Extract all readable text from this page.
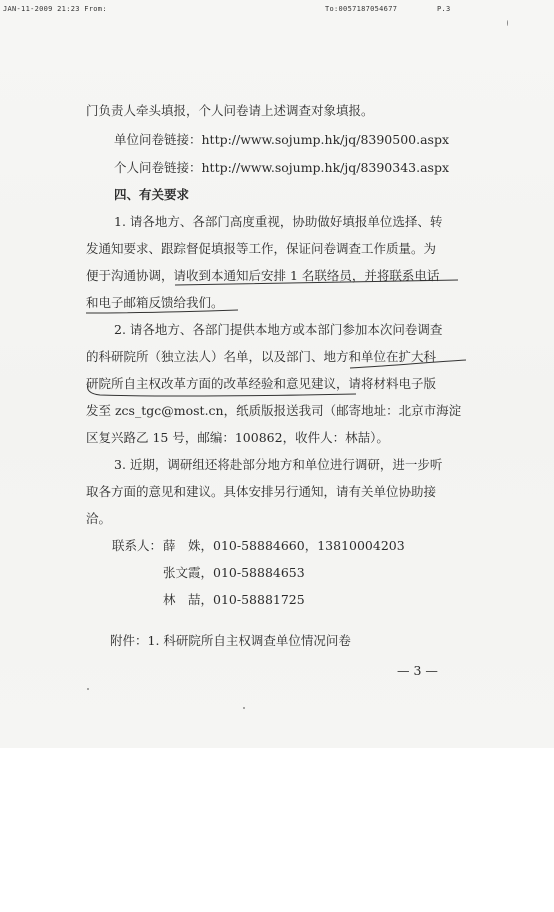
JAN-11-2009 21:23 From:	To:0057187054677	P.3
门负责人牵头填报，个人问卷请上述调查对象填报。
单位问卷链接：http://www.sojump.hk/jq/8390500.aspx
个人问卷链接：http://www.sojump.hk/jq/8390343.aspx
四、有关要求
1. 请各地方、各部门高度重视，协助做好填报单位选择、转
发通知要求、跟踪督促填报等工作，保证问卷调查工作质量。为
便于沟通协调，请收到本通知后安排 1 名联络员，并将联系电话
和电子邮箱反馈给我们。
2. 请各地方、各部门提供本地方或本部门参加本次问卷调查
的科研院所（独立法人）名单，以及部门、地方和单位在扩大科
研院所自主权改革方面的改革经验和意见建议，请将材料电子版
发至 zcs_tgc@most.cn，纸质版报送我司（邮寄地址：北京市海淀
区复兴路乙 15 号，邮编：100862，收件人：林喆）。
3. 近期，调研组还将赴部分地方和单位进行调研，进一步听
取各方面的意见和建议。具体安排另行通知，请有关单位协助接
洽。
联系人： 薛　姝，010-58884660，13810004203
张文霞，010-58884653
林　喆，010-58881725
附件：1. 科研院所自主权调查单位情况问卷
— 3 —
